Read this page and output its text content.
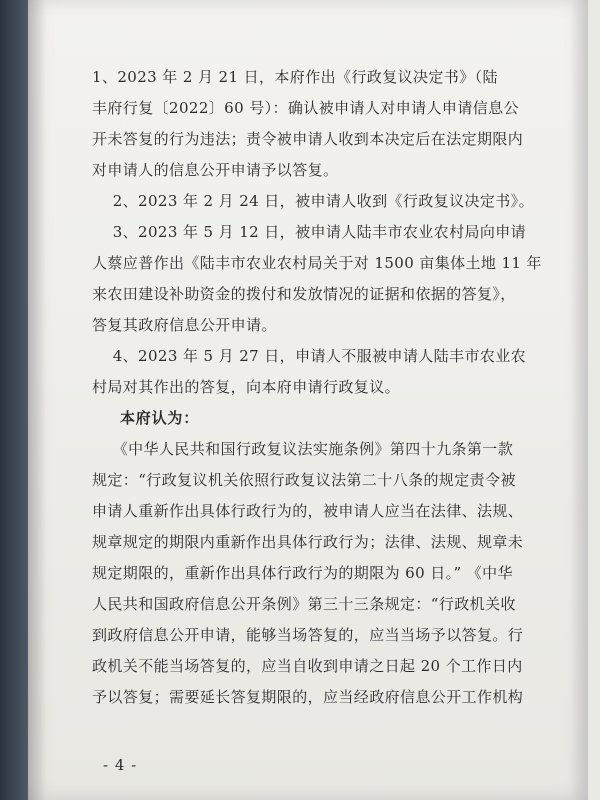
1、2023 年 2 月 21 日，本府作出《行政复议决定书》（陆
丰府行复〔2022〕60 号）：确认被申请人对申请人申请信息公
开未答复的行为违法；责令被申请人收到本决定后在法定期限内
对申请人的信息公开申请予以答复。

2、2023 年 2 月 24 日，被申请人收到《行政复议决定书》。

3、2023 年 5 月 12 日，被申请人陆丰市农业农村局向申请
人蔡应普作出《陆丰市农业农村局关于对 1500 亩集体土地 11 年
来农田建设补助资金的拨付和发放情况的证据和依据的答复》，
答复其政府信息公开申请。

4、2023 年 5 月 27 日，申请人不服被申请人陆丰市农业农
村局对其作出的答复，向本府申请行政复议。

本府认为：

《中华人民共和国行政复议法实施条例》第四十九条第一款
规定：“行政复议机关依照行政复议法第二十八条的规定责令被
申请人重新作出具体行政行为的，被申请人应当在法律、法规、
规章规定的期限内重新作出具体行政行为；法律、法规、规章未
规定期限的，重新作出具体行政行为的期限为 60 日。” 《中华
人民共和国政府信息公开条例》第三十三条规定：“行政机关收
到政府信息公开申请，能够当场答复的，应当当场予以答复。行
政机关不能当场答复的，应当自收到申请之日起 20 个工作日内
予以答复；需要延长答复期限的，应当经政府信息公开工作机构

- 4 -
